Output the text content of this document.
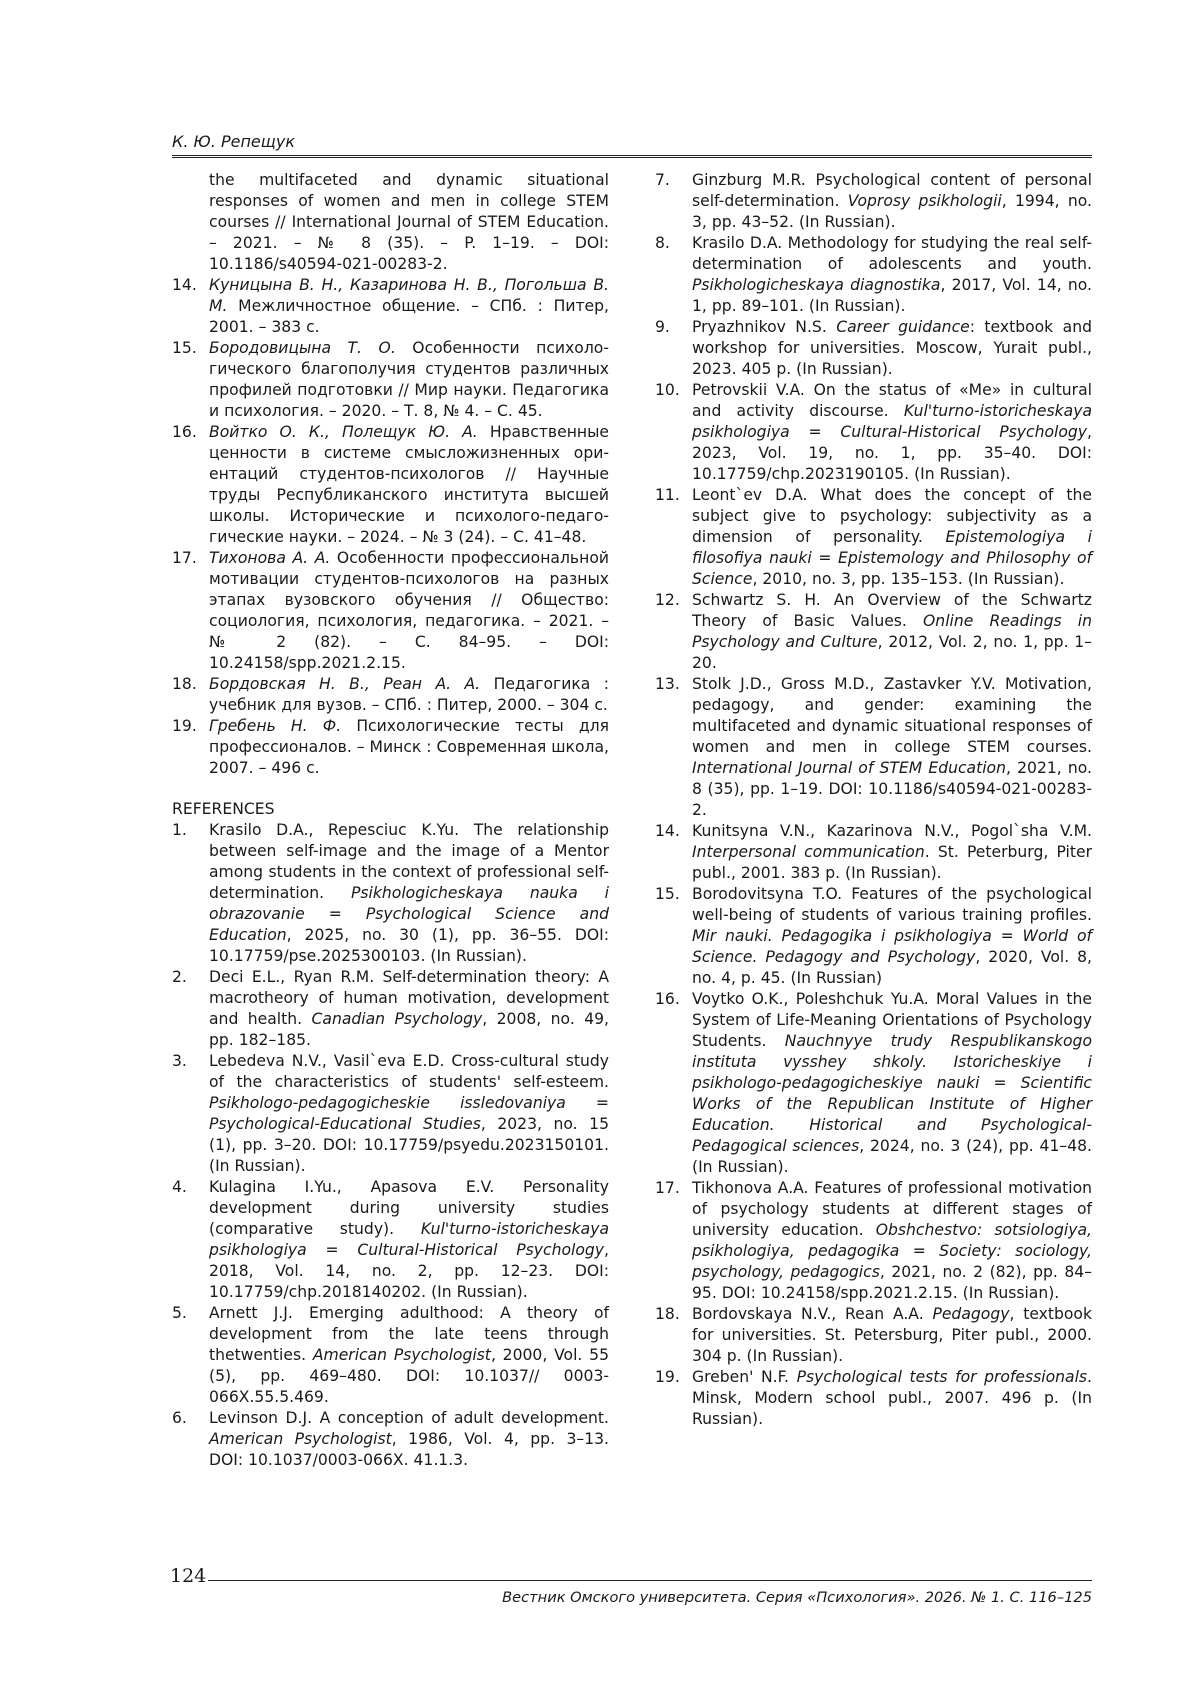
К. Ю. Репещук
the multifaceted and dynamic situational responses of women and men in college STEM courses // International Journal of STEM Education. – 2021. – № 8 (35). – P. 1–19. – DOI: 10.1186/s40594-021-00283-2.
14. Куницына В. Н., Казаринова Н. В., Погольша В. М. Межличностное общение. – СПб. : Питер, 2001. – 383 с.
15. Бородовицына Т. О. Особенности психологического благополучия студентов различных профилей подготовки // Мир науки. Педагогика и психология. – 2020. – Т. 8, № 4. – С. 45.
16. Войтко О. К., Полещук Ю. А. Нравственные ценности в системе смысложизненных ориентаций студентов-психологов // Научные труды Республиканского института высшей школы. Исторические и психолого-педагогические науки. – 2024. – № 3 (24). – С. 41–48.
17. Тихонова А. А. Особенности профессиональной мотивации студентов-психологов на разных этапах вузовского обучения // Общество: социология, психология, педагогика. – 2021. – № 2 (82). – С. 84–95. – DOI: 10.24158/spp.2021.2.15.
18. Бордовская Н. В., Реан А. А. Педагогика : учебник для вузов. – СПб. : Питер, 2000. – 304 с.
19. Гребень Н. Ф. Психологические тесты для профессионалов. – Минск : Современная школа, 2007. – 496 с.
REFERENCES
1. Krasilo D.A., Repesciuc K.Yu. The relationship between self-image and the image of a Mentor among students in the context of professional self-determination. Psikhologicheskaya nauka i obrazovanie = Psychological Science and Education, 2025, no. 30 (1), pp. 36–55. DOI: 10.17759/pse.2025300103. (In Russian).
2. Deci E.L., Ryan R.M. Self-determination theory: A macrotheory of human motivation, development and health. Canadian Psychology, 2008, no. 49, pp. 182–185.
3. Lebedeva N.V., Vasil`eva E.D. Cross-cultural study of the characteristics of students' self-esteem. Psikhologo-pedagogicheskie issledovaniya = Psychological-Educational Studies, 2023, no. 15 (1), pp. 3–20. DOI: 10.17759/psyedu.2023150101. (In Russian).
4. Kulagina I.Yu., Apasova E.V. Personality development during university studies (comparative study). Kul'turno-istoricheskaya psikhologiya = Cultural-Historical Psychology, 2018, Vol. 14, no. 2, pp. 12–23. DOI: 10.17759/chp.2018140202. (In Russian).
5. Arnett J.J. Emerging adulthood: A theory of development from the late teens through thetwenties. American Psychologist, 2000, Vol. 55 (5), pp. 469–480. DOI: 10.1037// 0003-066X.55.5.469.
6. Levinson D.J. A conception of adult development. American Psychologist, 1986, Vol. 4, pp. 3–13. DOI: 10.1037/0003-066X. 41.1.3.
7. Ginzburg M.R. Psychological content of personal self-determination. Voprosy psikhologii, 1994, no. 3, pp. 43–52. (In Russian).
8. Krasilo D.A. Methodology for studying the real self-determination of adolescents and youth. Psikhologicheskaya diagnostika, 2017, Vol. 14, no. 1, pp. 89–101. (In Russian).
9. Pryazhnikov N.S. Career guidance: textbook and workshop for universities. Moscow, Yurait publ., 2023. 405 p. (In Russian).
10. Petrovskii V.A. On the status of «Me» in cultural and activity discourse. Kul'turno-istoricheskaya psikhologiya = Cultural-Historical Psychology, 2023, Vol. 19, no. 1, pp. 35–40. DOI: 10.17759/chp.2023190105. (In Russian).
11. Leont`ev D.A. What does the concept of the subject give to psychology: subjectivity as a dimension of personality. Epistemologiya i filosofiya nauki = Epistemology and Philosophy of Science, 2010, no. 3, pp. 135–153. (In Russian).
12. Schwartz S. H. An Overview of the Schwartz Theory of Basic Values. Online Readings in Psychology and Culture, 2012, Vol. 2, no. 1, pp. 1–20.
13. Stolk J.D., Gross M.D., Zastavker Y.V. Motivation, pedagogy, and gender: examining the multifaceted and dynamic situational responses of women and men in college STEM courses. International Journal of STEM Education, 2021, no. 8 (35), pp. 1–19. DOI: 10.1186/s40594-021-00283-2.
14. Kunitsyna V.N., Kazarinova N.V., Pogol`sha V.M. Interpersonal communication. St. Peterburg, Piter publ., 2001. 383 p. (In Russian).
15. Borodovitsyna T.O. Features of the psychological well-being of students of various training profiles. Mir nauki. Pedagogika i psikhologiya = World of Science. Pedagogy and Psychology, 2020, Vol. 8, no. 4, p. 45. (In Russian)
16. Voytko O.K., Poleshchuk Yu.A. Moral Values in the System of Life-Meaning Orientations of Psychology Students. Nauchnyye trudy Respublikanskogo instituta vysshey shkoly. Istoricheskiye i psikhologo-pedagogicheskiye nauki = Scientific Works of the Republican Institute of Higher Education. Historical and Psychological-Pedagogical sciences, 2024, no. 3 (24), pp. 41–48. (In Russian).
17. Tikhonova A.A. Features of professional motivation of psychology students at different stages of university education. Obshchestvo: sotsiologiya, psikhologiya, pedagogika = Society: sociology, psychology, pedagogics, 2021, no. 2 (82), pp. 84–95. DOI: 10.24158/spp.2021.2.15. (In Russian).
18. Bordovskaya N.V., Rean A.A. Pedagogy, textbook for universities. St. Petersburg, Piter publ., 2000. 304 p. (In Russian).
19. Greben' N.F. Psychological tests for professionals. Minsk, Modern school publ., 2007. 496 p. (In Russian).
124
Вестник Омского университета. Серия «Психология». 2026. № 1. С. 116–125
